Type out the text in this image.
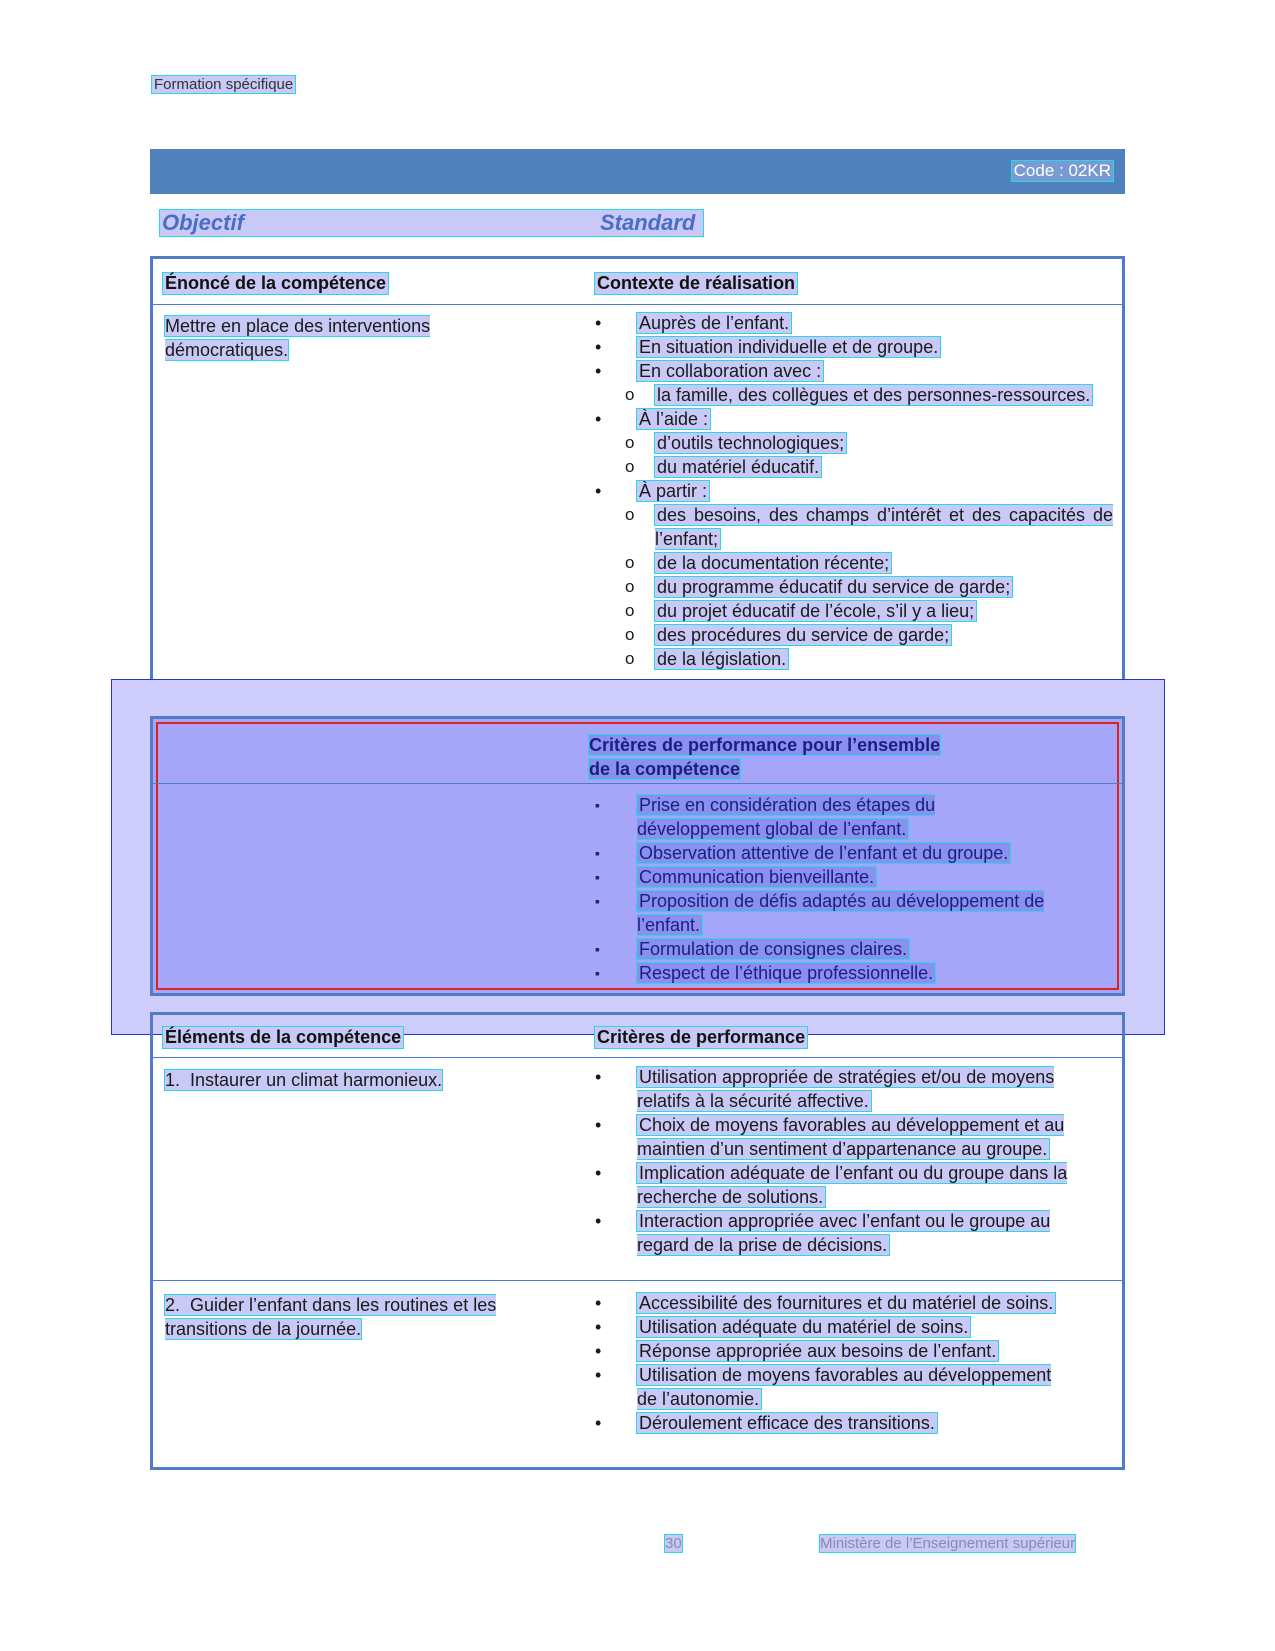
Formation spécifique
Code : 02KR
Objectif	Standard
Énoncé de la compétence	Contexte de réalisation
Mettre en place des interventions démocratiques.
• Auprès de l’enfant.
• En situation individuelle et de groupe.
• En collaboration avec :
o la famille, des collègues et des personnes-ressources.
• À l’aide :
o d’outils technologiques;
o du matériel éducatif.
• À partir :
o des besoins, des champs d’intérêt et des capacités de l’enfant;
o de la documentation récente;
o du programme éducatif du service de garde;
o du projet éducatif de l’école, s’il y a lieu;
o des procédures du service de garde;
o de la législation.
Critères de performance pour l’ensemble
de la compétence
▪ Prise en considération des étapes du développement global de l’enfant.
▪ Observation attentive de l’enfant et du groupe.
▪ Communication bienveillante.
▪ Proposition de défis adaptés au développement de l’enfant.
▪ Formulation de consignes claires.
▪ Respect de l’éthique professionnelle.
Éléments de la compétence	Critères de performance
1. Instaurer un climat harmonieux.
•	Utilisation appropriée de stratégies et/ou de moyens relatifs à la sécurité affective.
• Choix de moyens favorables au développement et au maintien d’un sentiment d’appartenance au groupe.
• Implication adéquate de l’enfant ou du groupe dans la recherche de solutions.
• Interaction appropriée avec l’enfant ou le groupe au regard de la prise de décisions.
2. Guider l’enfant dans les routines et les transitions de la journée.
• Accessibilité des fournitures et du matériel de soins.
• Utilisation adéquate du matériel de soins.
• Réponse appropriée aux besoins de l’enfant.
• Utilisation de moyens favorables au développement de l’autonomie.
• Déroulement efficace des transitions.
30	Ministère de l’Enseignement supérieur
